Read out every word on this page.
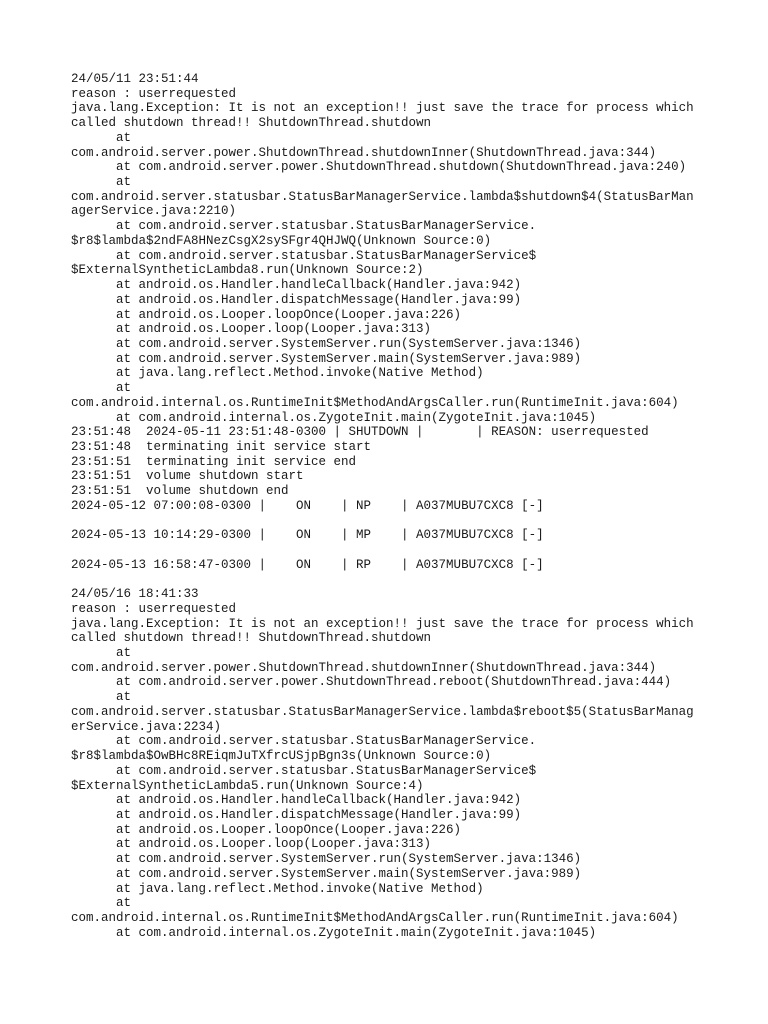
24/05/11 23:51:44
reason : userrequested
java.lang.Exception: It is not an exception!! just save the trace for process which
called shutdown thread!! ShutdownThread.shutdown
at
com.android.server.power.ShutdownThread.shutdownInner(ShutdownThread.java:344)
at com.android.server.power.ShutdownThread.shutdown(ShutdownThread.java:240)
at
com.android.server.statusbar.StatusBarManagerService.lambda$shutdown$4(StatusBarMan
agerService.java:2210)
at com.android.server.statusbar.StatusBarManagerService.
$r8$lambda$2ndFA8HNezCsgX2sySFgr4QHJWQ(Unknown Source:0)
at com.android.server.statusbar.StatusBarManagerService$
$ExternalSyntheticLambda8.run(Unknown Source:2)
at android.os.Handler.handleCallback(Handler.java:942)
at android.os.Handler.dispatchMessage(Handler.java:99)
at android.os.Looper.loopOnce(Looper.java:226)
at android.os.Looper.loop(Looper.java:313)
at com.android.server.SystemServer.run(SystemServer.java:1346)
at com.android.server.SystemServer.main(SystemServer.java:989)
at java.lang.reflect.Method.invoke(Native Method)
at
com.android.internal.os.RuntimeInit$MethodAndArgsCaller.run(RuntimeInit.java:604)
at com.android.internal.os.ZygoteInit.main(ZygoteInit.java:1045)
23:51:48  2024-05-11 23:51:48-0300 | SHUTDOWN |       | REASON: userrequested
23:51:48  terminating init service start
23:51:51  terminating init service end
23:51:51  volume shutdown start
23:51:51  volume shutdown end
2024-05-12 07:00:08-0300 |    ON    | NP    | A037MUBU7CXC8 [-]
2024-05-13 10:14:29-0300 |    ON    | MP    | A037MUBU7CXC8 [-]
2024-05-13 16:58:47-0300 |    ON    | RP    | A037MUBU7CXC8 [-]
24/05/16 18:41:33
reason : userrequested
java.lang.Exception: It is not an exception!! just save the trace for process which
called shutdown thread!! ShutdownThread.shutdown
at
com.android.server.power.ShutdownThread.shutdownInner(ShutdownThread.java:344)
at com.android.server.power.ShutdownThread.reboot(ShutdownThread.java:444)
at
com.android.server.statusbar.StatusBarManagerService.lambda$reboot$5(StatusBarManag
erService.java:2234)
at com.android.server.statusbar.StatusBarManagerService.
$r8$lambda$OwBHc8REiqmJuTXfrcUSjpBgn3s(Unknown Source:0)
at com.android.server.statusbar.StatusBarManagerService$
$ExternalSyntheticLambda5.run(Unknown Source:4)
at android.os.Handler.handleCallback(Handler.java:942)
at android.os.Handler.dispatchMessage(Handler.java:99)
at android.os.Looper.loopOnce(Looper.java:226)
at android.os.Looper.loop(Looper.java:313)
at com.android.server.SystemServer.run(SystemServer.java:1346)
at com.android.server.SystemServer.main(SystemServer.java:989)
at java.lang.reflect.Method.invoke(Native Method)
at
com.android.internal.os.RuntimeInit$MethodAndArgsCaller.run(RuntimeInit.java:604)
at com.android.internal.os.ZygoteInit.main(ZygoteInit.java:1045)
